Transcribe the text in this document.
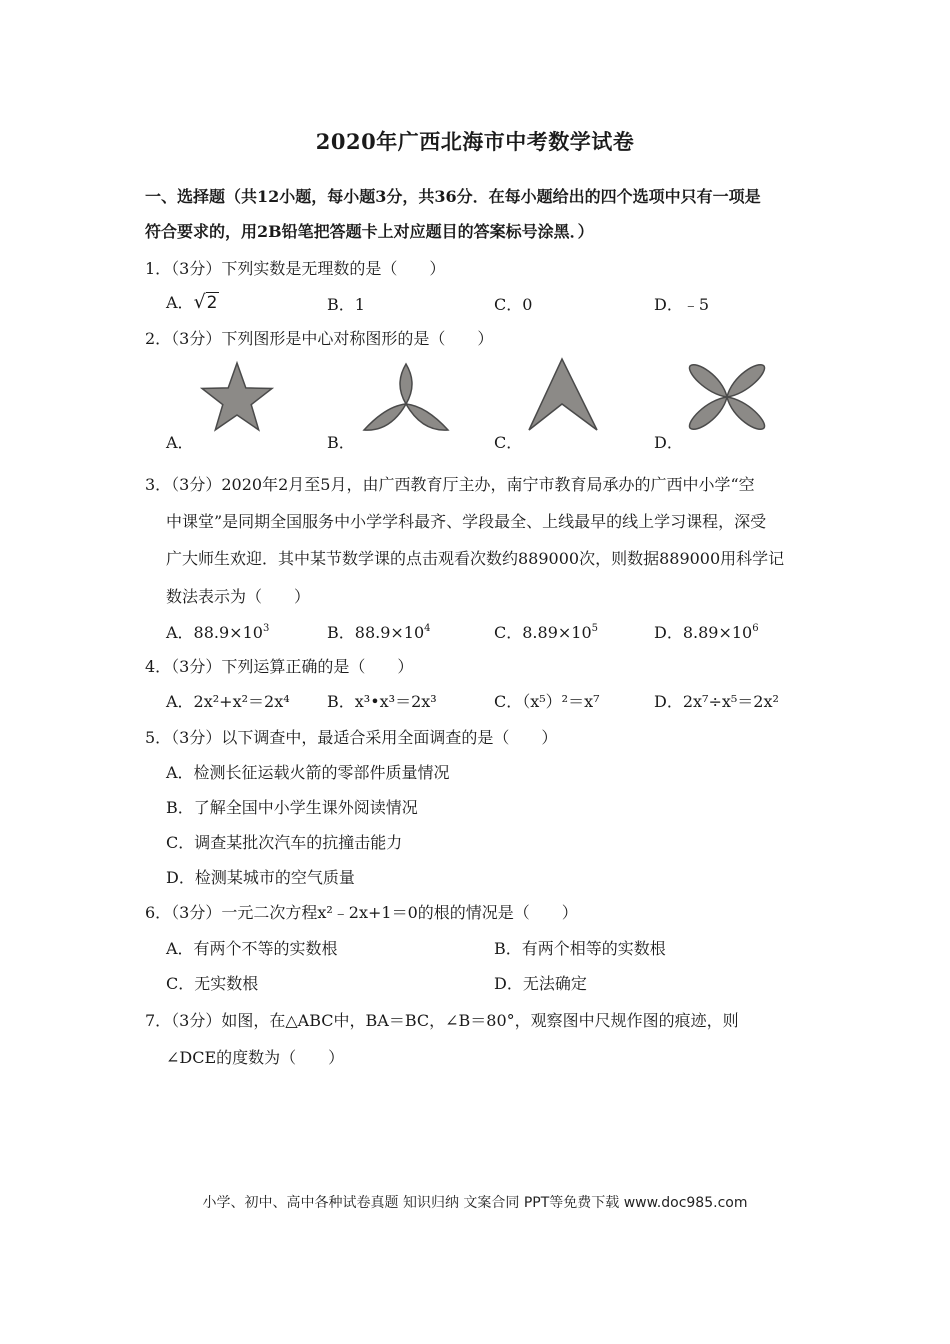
2020年广西北海市中考数学试卷
一、选择题（共12小题，每小题3分，共36分．在每小题给出的四个选项中只有一项是
符合要求的，用2B铅笔把答题卡上对应题目的答案标号涂黑．）
1．（3分）下列实数是无理数的是（　　）
A．√2	B．1	C．0	D．﹣5
2．（3分）下列图形是中心对称图形的是（　　）
A．	B．	C．	D．
3．（3分）2020年2月至5月，由广西教育厅主办，南宁市教育局承办的广西中小学“空
中课堂”是同期全国服务中小学学科最齐、学段最全、上线最早的线上学习课程，深受
广大师生欢迎．其中某节数学课的点击观看次数约889000次，则数据889000用科学记
数法表示为（　　）
A．$88.9\times 10^3$	B．$88.9\times 10^4$	C．$8.89\times 10^5$	D．$8.89\times 10^6$
4．（3分）下列运算正确的是（　　）
A．2x²+x²＝2x⁴ B．x³•x³＝2x³	C．（x⁵）²＝x⁷	D．2x⁷÷x⁵＝2x²
5．（3分）以下调查中，最适合采用全面调查的是（　　）
A．检测长征运载火箭的零部件质量情况
B．了解全国中小学生课外阅读情况
C．调查某批次汽车的抗撞击能力
D．检测某城市的空气质量
6．（3分）一元二次方程x²﹣2x+1＝0的根的情况是（　　）
A．有两个不等的实数根	B．有两个相等的实数根
C．无实数根	D．无法确定
7．（3分）如图，在△ABC中，BA＝BC，∠B＝80°，观察图中尺规作图的痕迹，则
∠DCE的度数为（　　）
小学、初中、高中各种试卷真题 知识归纳 文案合同 PPT等免费下载 www.doc985.com
